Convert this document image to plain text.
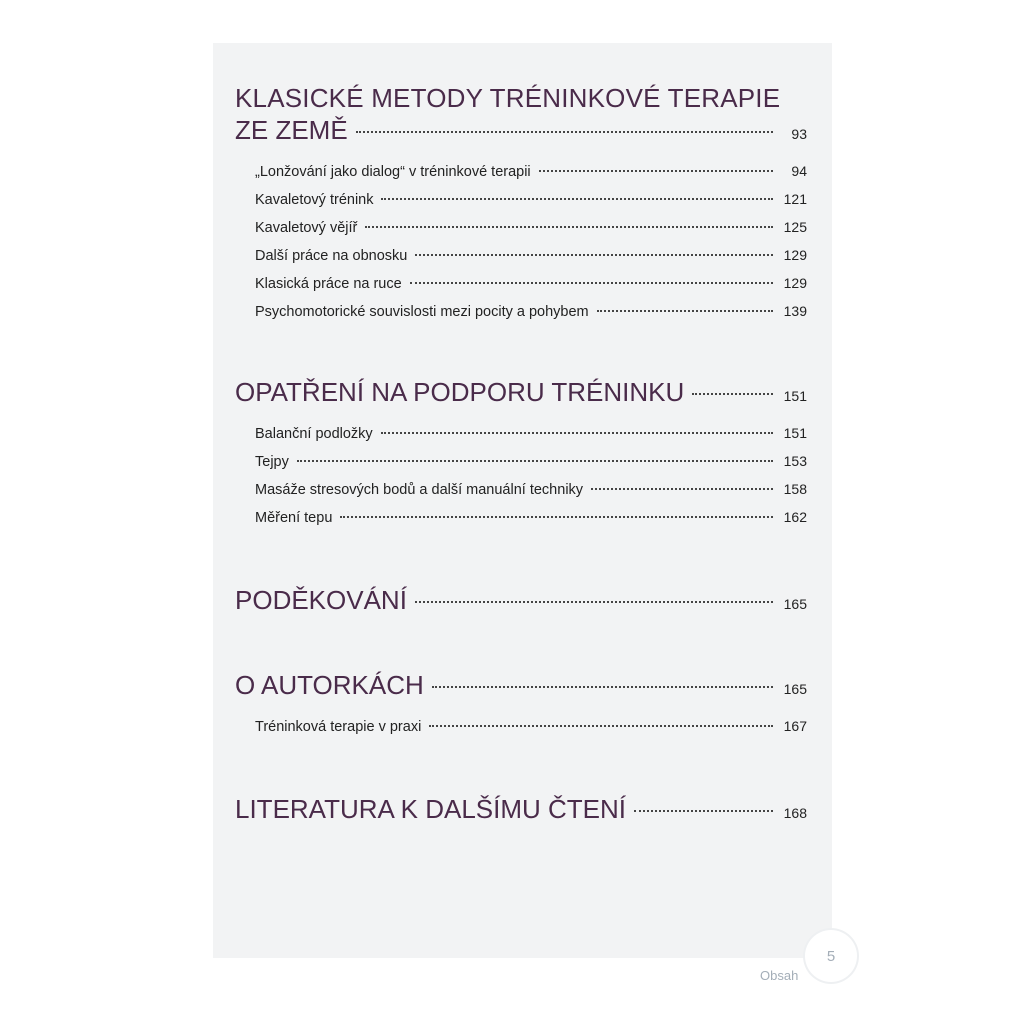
KLASICKÉ METODY TRÉNINKOVÉ TERAPIE
ZE ZEMĚ	93
„Lonžování jako dialog“ v tréninkové terapii	94
Kavaletový trénink	121
Kavaletový vějíř	125
Další práce na obnosku	129
Klasická práce na ruce	129
Psychomotorické souvislosti mezi pocity a pohybem	139
OPATŘENÍ NA PODPORU TRÉNINKU	151
Balanční podložky	151
Tejpy	153
Masáže stresových bodů a další manuální techniky	158
Měření tepu	162
PODĚKOVÁNÍ	165
O AUTORKÁCH	165
Tréninková terapie v praxi	167
LITERATURA K DALŠÍMU ČTENÍ	168
Obsah
5
